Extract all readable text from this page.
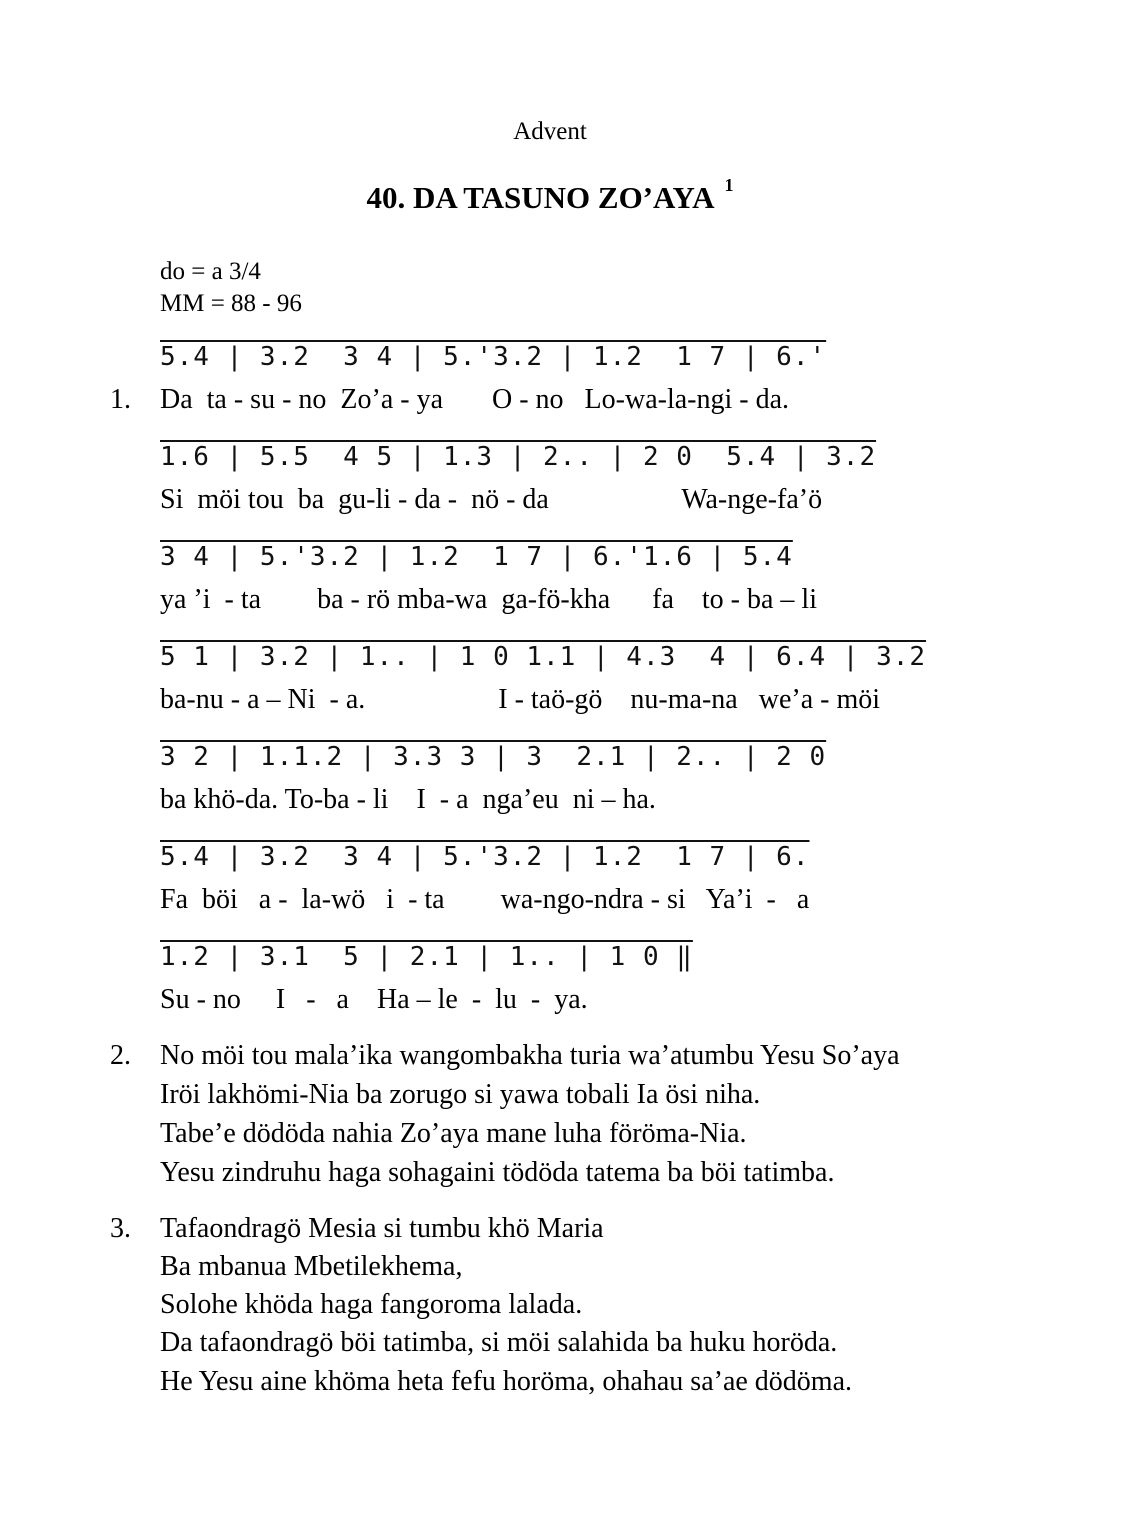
Advent
40. DA TASUNO ZO’AYA $^1$
do = a 3/4
MM = 88 - 96
1.
5.4 | 3.2  3 4 | 5.'3.2 | 1.2  1 7 | 6.'
Da  ta - su - no  Zo’a - ya       O - no   Lo-wa-la-ngi - da.
1.6 | 5.5  4 5 | 1.3 | 2.. | 2 0  5.4 | 3.2
Si  möi tou  ba  gu-li - da -  nö - da                   Wa-nge-fa’ö
3 4 | 5.'3.2 | 1.2  1 7 | 6.'1.6 | 5.4
ya ’i  - ta        ba - rö mba-wa  ga-fö-kha      fa    to - ba – li
5 1 | 3.2 | 1.. | 1 0 1.1 | 4.3  4 | 6.4 | 3.2
ba-nu - a – Ni  - a.                   I - taö-gö    nu-ma-na   we’a - möi
3 2 | 1.1.2 | 3.3 3 | 3  2.1 | 2.. | 2 0
ba khö-da. To-ba - li    I  - a  nga’eu  ni – ha.
5.4 | 3.2  3 4 | 5.'3.2 | 1.2  1 7 | 6.
Fa  böi   a -  la-wö   i  - ta        wa-ngo-ndra - si   Ya’i  -   a
1.2 | 3.1  5 | 2.1 | 1.. | 1 0 ‖
Su - no     I   -   a    Ha – le  -  lu  -  ya.
2. No möi tou mala’ika wangombakha turia wa’atumbu Yesu So’aya
Iröi lakhömi-Nia ba zorugo si yawa tobali Ia ösi niha.
Tabe’e dödöda nahia Zo’aya mane luha föröma-Nia.
Yesu zindruhu haga sohagaini tödöda tatema ba böi tatimba.
3. Tafaondragö Mesia si tumbu khö Maria
Ba mbanua Mbetilekhema,
Solohe khöda haga fangoroma lalada.
Da tafaondragö böi tatimba, si möi salahida ba huku horöda.
He Yesu aine khöma heta fefu horöma, ohahau sa’ae dödöma.
